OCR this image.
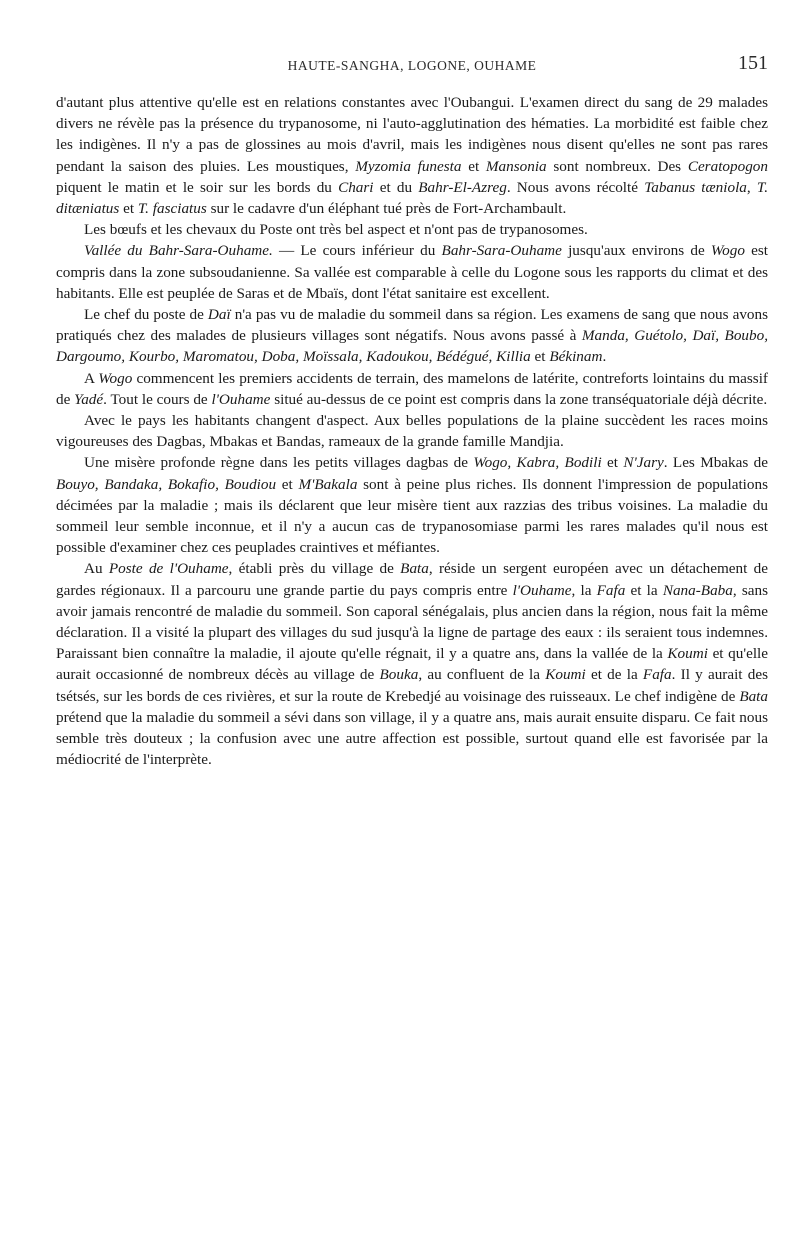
HAUTE-SANGHA, LOGONE, OUHAME	151

d'autant plus attentive qu'elle est en relations constantes avec l'Oubangui. L'examen direct du sang de 29 malades divers ne révèle pas la présence du trypanosome, ni l'auto-agglutination des hématies. La morbidité est faible chez les indigènes. Il n'y a pas de glossines au mois d'avril, mais les indigènes nous disent qu'elles ne sont pas rares pendant la saison des pluies. Les moustiques, Myzomia funesta et Mansonia sont nombreux. Des Ceratopogon piquent le matin et le soir sur les bords du Chari et du Bahr-El-Azreg. Nous avons récolté Tabanus tæniola, T. ditæniatus et T. fasciatus sur le cadavre d'un éléphant tué près de Fort-Archambault.

Les bœufs et les chevaux du Poste ont très bel aspect et n'ont pas de trypanosomes.

Vallée du Bahr-Sara-Ouhame. — Le cours inférieur du Bahr-Sara-Ouhame jusqu'aux environs de Wogo est compris dans la zone subsoudanienne. Sa vallée est comparable à celle du Logone sous les rapports du climat et des habitants. Elle est peuplée de Saras et de Mbaïs, dont l'état sanitaire est excellent.

Le chef du poste de Daï n'a pas vu de maladie du sommeil dans sa région. Les examens de sang que nous avons pratiqués chez des malades de plusieurs villages sont négatifs. Nous avons passé à Manda, Guétolo, Daï, Boubo, Dargoumo, Kourbo, Maromatou, Doba, Moïssala, Kadoukou, Bédégué, Killia et Békinam.

A Wogo commencent les premiers accidents de terrain, des mamelons de latérite, contreforts lointains du massif de Yadé. Tout le cours de l'Ouhame situé au-dessus de ce point est compris dans la zone transéquatoriale déjà décrite.

Avec le pays les habitants changent d'aspect. Aux belles populations de la plaine succèdent les races moins vigoureuses des Dagbas, Mbakas et Bandas, rameaux de la grande famille Mandjia.

Une misère profonde règne dans les petits villages dagbas de Wogo, Kabra, Bodili et N'Jary. Les Mbakas de Bouyo, Bandaka, Bokafio, Boudiou et M'Bakala sont à peine plus riches. Ils donnent l'impression de populations décimées par la maladie ; mais ils déclarent que leur misère tient aux razzias des tribus voisines. La maladie du sommeil leur semble inconnue, et il n'y a aucun cas de trypanosomiase parmi les rares malades qu'il nous est possible d'examiner chez ces peuplades craintives et méfiantes.

Au Poste de l'Ouhame, établi près du village de Bata, réside un sergent européen avec un détachement de gardes régionaux. Il a parcouru une grande partie du pays compris entre l'Ouhame, la Fafa et la Nana-Baba, sans avoir jamais rencontré de maladie du sommeil. Son caporal sénégalais, plus ancien dans la région, nous fait la même déclaration. Il a visité la plupart des villages du sud jusqu'à la ligne de partage des eaux : ils seraient tous indemnes. Paraissant bien connaître la maladie, il ajoute qu'elle régnait, il y a quatre ans, dans la vallée de la Koumi et qu'elle aurait occasionné de nombreux décès au village de Bouka, au confluent de la Koumi et de la Fafa. Il y aurait des tsétsés, sur les bords de ces rivières, et sur la route de Krebedjé au voisinage des ruisseaux. Le chef indigène de Bata prétend que la maladie du sommeil a sévi dans son village, il y a quatre ans, mais aurait ensuite disparu. Ce fait nous semble très douteux ; la confusion avec une autre affection est possible, surtout quand elle est favorisée par la médiocrité de l'interprète.
